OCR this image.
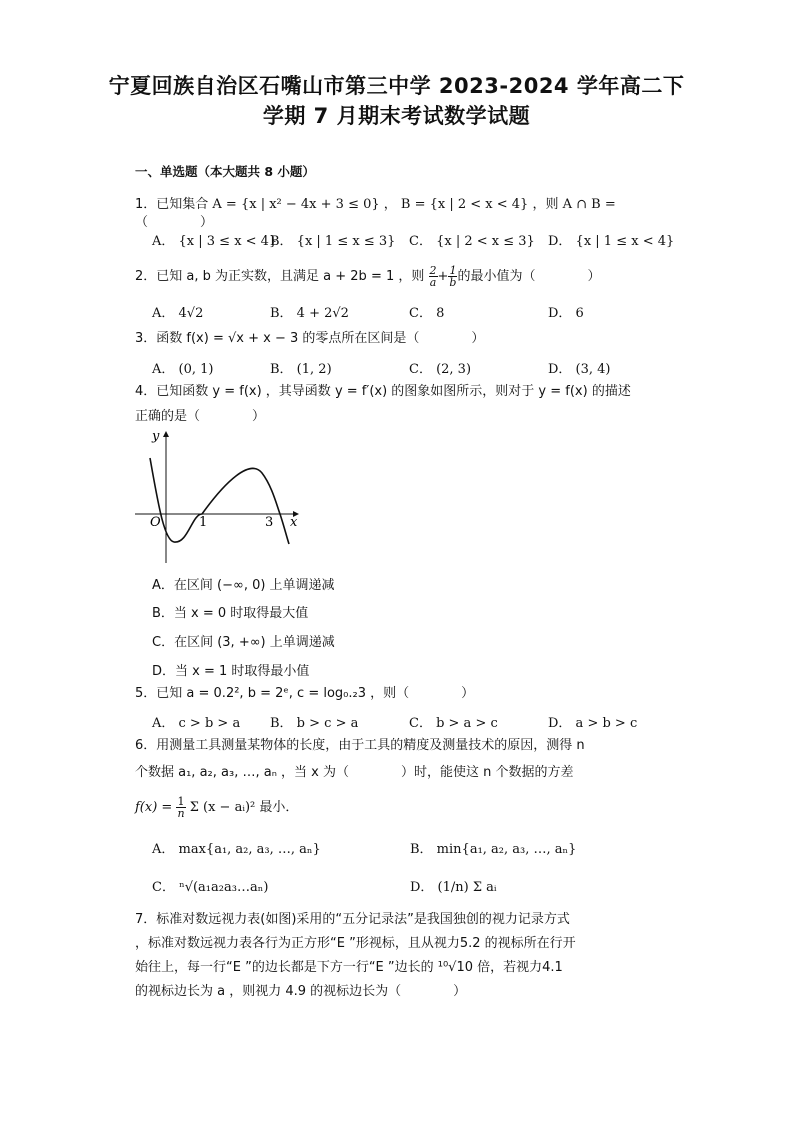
宁夏回族自治区石嘴山市第三中学 2023-2024 学年高二下
学期 7 月期末考试数学试题
一、单选题（本大题共 8 小题）
1．已知集合 A = {x | x² − 4x + 3 ≤ 0} ， B = {x | 2 < x < 4} ，则 A ∩ B = （　　　　）
A． {x | 3 ≤ x < 4}
B． {x | 1 ≤ x ≤ 3} C． {x | 2 < x ≤ 3} D． {x | 1 ≤ x < 4}
2．已知 a, b 为正实数，且满足 a + 2b = 1 ，则 $\frac{2}{a} + \frac{1}{b}$ 的最小值为（　　　　）
A． 4√2	B． 4 + 2√2	C． 8	D． 6
3．函数 f(x) = √x + x − 3 的零点所在区间是（　　　　）
A． (0, 1)	B． (1, 2)	C． (2, 3)	D． (3, 4)
4．已知函数 y = f(x) ，其导函数 y = f′(x) 的图象如图所示，则对于 y = f(x) 的描述
正确的是（　　　　）
y
x
O	1	3
A．在区间 (−∞, 0) 上单调递减
B．当 x = 0 时取得最大值
C．在区间 (3, +∞) 上单调递减
D．当 x = 1 时取得最小值
5．已知 a = 0.2², b = 2ᵉ, c = log₀.₂3 ，则（　　　　）
A． c > b > a B． b > c > a	C． b > a > c	D． a > b > c
6．用测量工具测量某物体的长度，由于工具的精度及测量技术的原因，测得 n
个数据 a₁, a₂, a₃, …, aₙ ，当 x 为（　　　　）时，能使这 n 个数据的方差
$f(x) = \frac{1}{n}$ Σ (x − aᵢ)² 最小．
A． max{a₁, a₂, a₃, …, aₙ}	B． min{a₁, a₂, a₃, …, aₙ}
C． ⁿ√(a₁a₂a₃…aₙ)	D． (1/n) Σ aᵢ
7．标准对数远视力表(如图)采用的“五分记录法”是我国独创的视力记录方式
，标准对数远视力表各行为正方形“E ”形视标，且从视力5.2 的视标所在行开
始往上，每一行“E ”的边长都是下方一行“E ”边长的 ¹⁰√10 倍，若视力4.1
的视标边长为 a ，则视力 4.9 的视标边长为（　　　　）
